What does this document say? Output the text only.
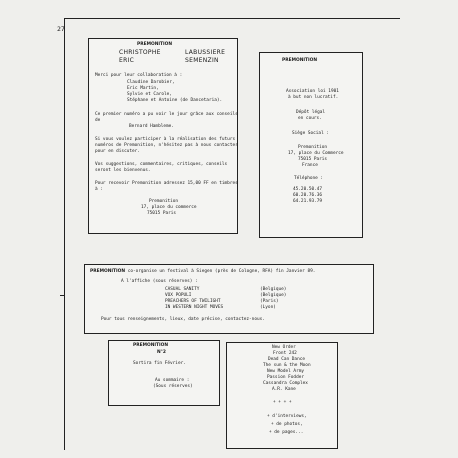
27
PREMONITION
CHRISTOPHE	LABUSSIERE
ERIC	SEMENZIN
Merci pour leur collaboration à :
Claudine Darobier,
Eric Martin,
Sylvie et Carole,
Stéphane et Antoine (de Dancetaria).
Ce premier numéro a pu voir le jour grâce aux conseils
de
Bernard Hambleme.
Si vous voulez participer à la réalisation des futurs
numéros de Premonition, n'hésitez pas à nous contacter
pour en discuter.
Vos suggestions, commentaires, critiques, conseils
seront les bienvenus.
Pour recevoir Premonition adressez 15,00 FF en timbres
à :
Premonition
17, place du commerce
75015 Paris
PREMONITION
Association loi 1901
à but non lucratif.
Dépôt légal
en cours.
Siège Social :
Premonition
17, place du Commerce
75015 Paris
France
Téléphone :
45.20.50.47
60.20.76.36
64.21.93.79
PREMONITION co-organise un festival à Siegen (près de Cologne, RFA) fin Janvier 89.
A l'affiche (sous réserves) :
CASUAL SANITY	(Belgique)
VOX POPULI	(Belgique)
PREACHERS OF TWILIGHT	(Paris)
IN WESTERN NIGHT MOVES	(Lyon)
Pour tous renseignements, lieux, date précise, contactez-nous.
PREMONITION
N°2
Sortira fin Février.
Au sommaire :
(Sous réserves)
New Order
Front 242
Dead Can Dance
The sun & the Moon
New Model Army
Passion Fodder
Cassandra Complex
A.R. Kane
+ + + +
+ d'interviews,
+ de photos,
+ de pages...
